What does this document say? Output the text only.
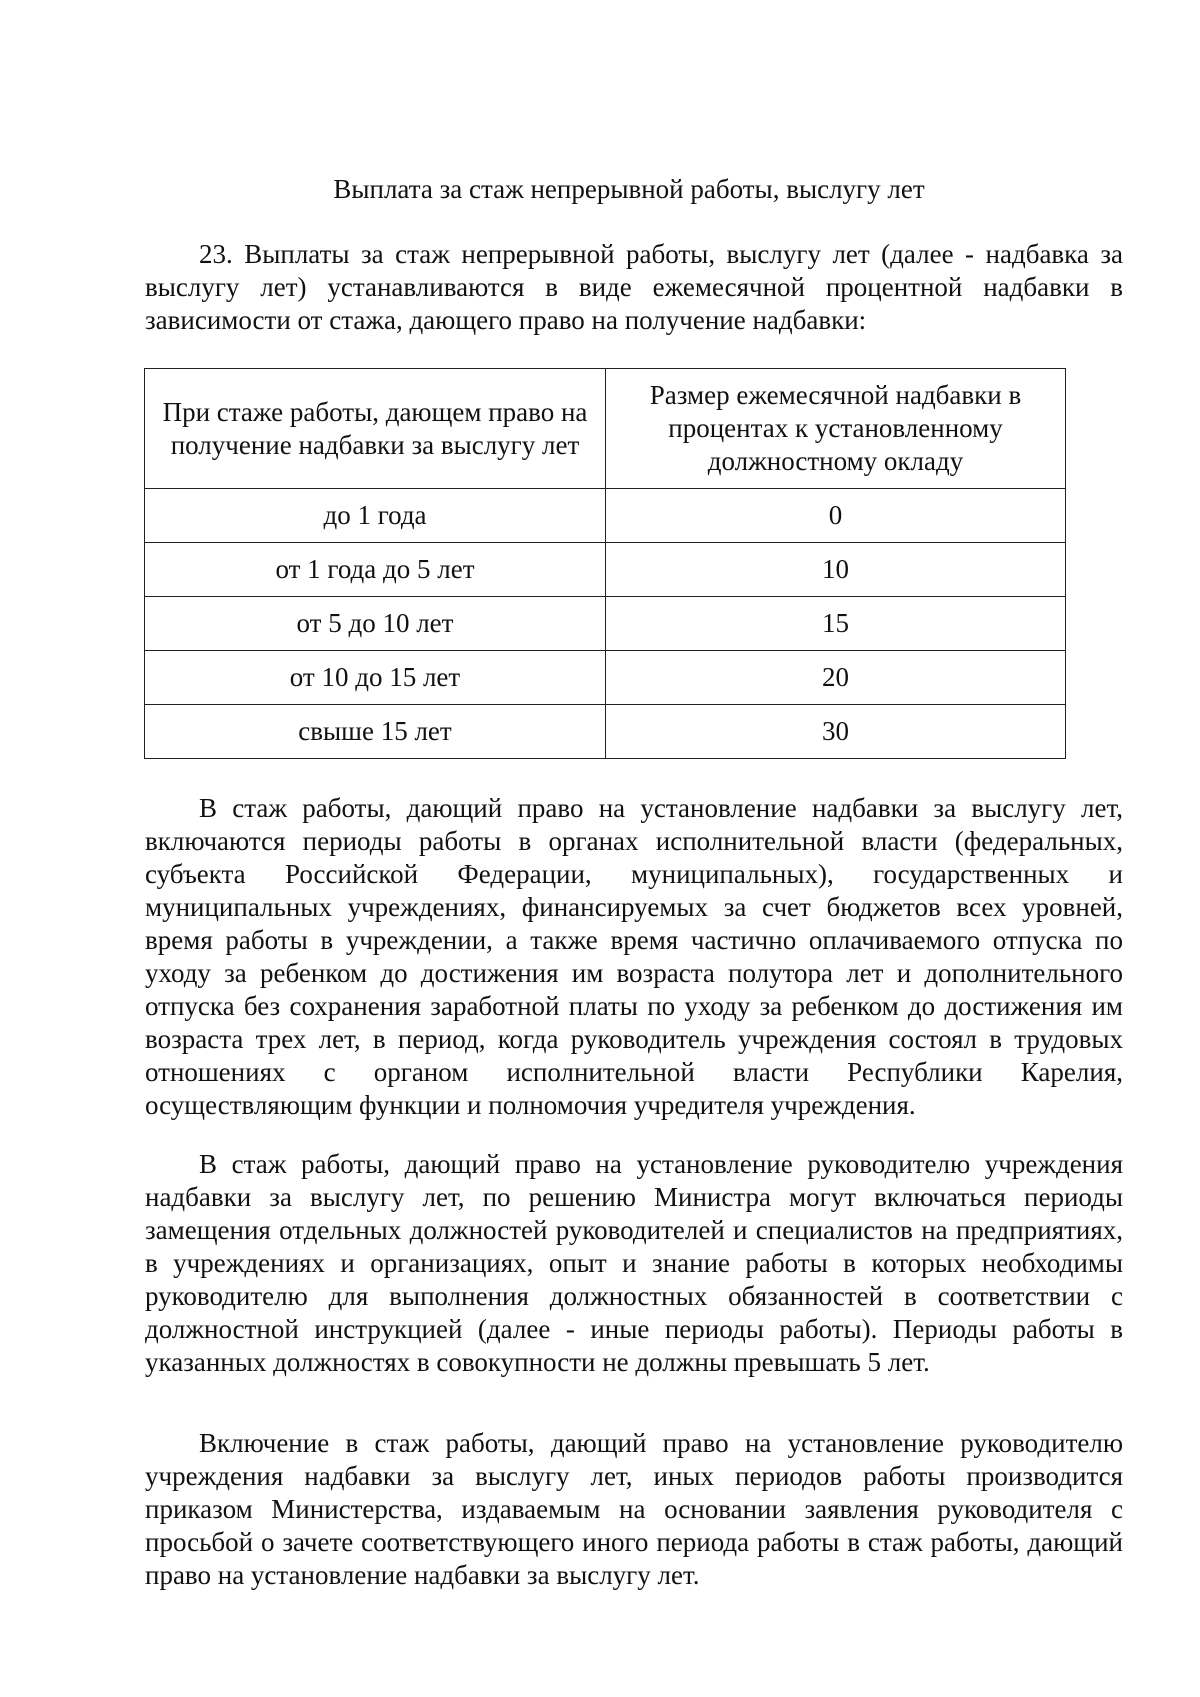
Выплата за стаж непрерывной работы, выслугу лет

23. Выплаты за стаж непрерывной работы, выслугу лет (далее - надбавка за выслугу лет) устанавливаются в виде ежемесячной процентной надбавки в зависимости от стажа, дающего право на получение надбавки:

При стаже работы, дающем право на получение надбавки за выслугу лет	Размер ежемесячной надбавки в процентах к установленному должностному окладу
до 1 года	0
от 1 года до 5 лет	10
от 5 до 10 лет	15
от 10 до 15 лет	20
свыше 15 лет	30

В стаж работы, дающий право на установление надбавки за выслугу лет, включаются периоды работы в органах исполнительной власти (федеральных, субъекта Российской Федерации, муниципальных), государственных и муниципальных учреждениях, финансируемых за счет бюджетов всех уровней, время работы в учреждении, а также время частично оплачиваемого отпуска по уходу за ребенком до достижения им возраста полутора лет и дополнительного отпуска без сохранения заработной платы по уходу за ребенком до достижения им возраста трех лет, в период, когда руководитель учреждения состоял в трудовых отношениях с органом исполнительной власти Республики Карелия, осуществляющим функции и полномочия учредителя учреждения.

В стаж работы, дающий право на установление руководителю учреждения надбавки за выслугу лет, по решению Министра могут включаться периоды замещения отдельных должностей руководителей и специалистов на предприятиях, в учреждениях и организациях, опыт и знание работы в которых необходимы руководителю для выполнения должностных обязанностей в соответствии с должностной инструкцией (далее - иные периоды работы). Периоды работы в указанных должностях в совокупности не должны превышать 5 лет.

Включение в стаж работы, дающий право на установление руководителю учреждения надбавки за выслугу лет, иных периодов работы производится приказом Министерства, издаваемым на основании заявления руководителя с просьбой о зачете соответствующего иного периода работы в стаж работы, дающий право на установление надбавки за выслугу лет.
